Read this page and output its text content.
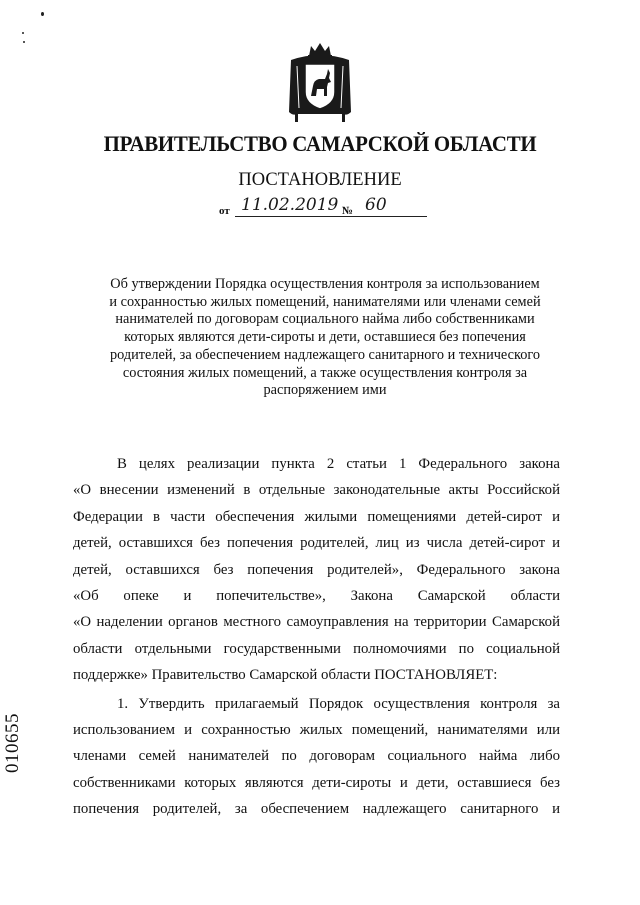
ПРАВИТЕЛЬСТВО САМАРСКОЙ ОБЛАСТИ
ПОСТАНОВЛЕНИЕ
от 11.02.2019 № 60
Об утверждении Порядка осуществления контроля за использованием
и сохранностью жилых помещений, нанимателями или членами семей
нанимателей по договорам социального найма либо собственниками
которых являются дети-сироты и дети, оставшиеся без попечения
родителей, за обеспечением надлежащего санитарного и технического
состояния жилых помещений, а также осуществления контроля за
распоряжением ими
В целях реализации пункта 2 статьи 1 Федерального закона
«О внесении изменений в отдельные законодательные акты Российской
Федерации в части обеспечения жилыми помещениями детей-сирот и
детей, оставшихся без попечения родителей, лиц из числа детей-сирот и
детей, оставшихся без попечения родителей», Федерального закона
«Об опеке и попечительстве», Закона Самарской области
«О наделении органов местного самоуправления на территории Самарской
области отдельными государственными полномочиями по социальной
поддержке» Правительство Самарской области ПОСТАНОВЛЯЕТ:
1. Утвердить прилагаемый Порядок осуществления контроля за
использованием и сохранностью жилых помещений, нанимателями или
членами семей нанимателей по договорам социального найма либо
собственниками которых являются дети-сироты и дети, оставшиеся без
попечения родителей, за обеспечением надлежащего санитарного и
010655
